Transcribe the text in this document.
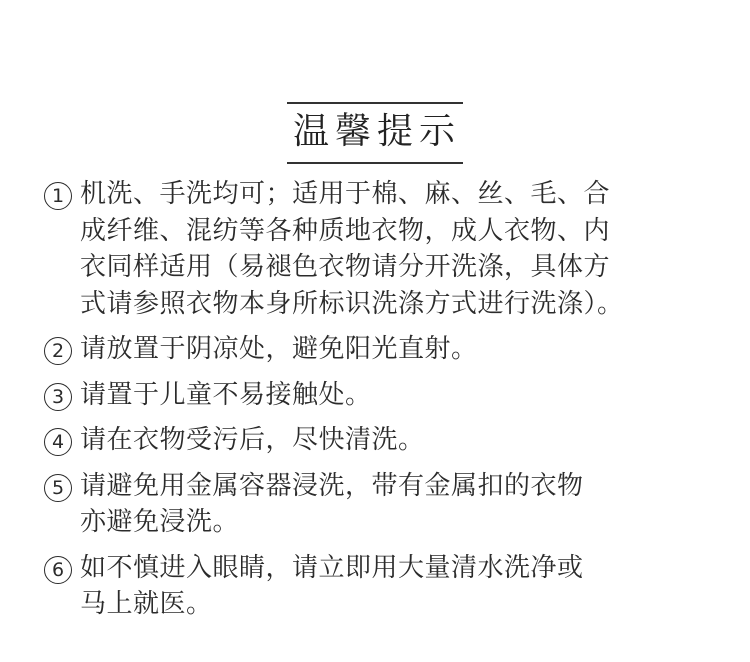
温馨提示
1 机洗、手洗均可；适用于棉、麻、丝、毛、合
成纤维、混纺等各种质地衣物，成人衣物、内
衣同样适用（易褪色衣物请分开洗涤，具体方
式请参照衣物本身所标识洗涤方式进行洗涤）。
2 请放置于阴凉处，避免阳光直射。
3 请置于儿童不易接触处。
4 请在衣物受污后，尽快清洗。
5 请避免用金属容器浸洗，带有金属扣的衣物
亦避免浸洗。
6 如不慎进入眼睛，请立即用大量清水洗净或
马上就医。
